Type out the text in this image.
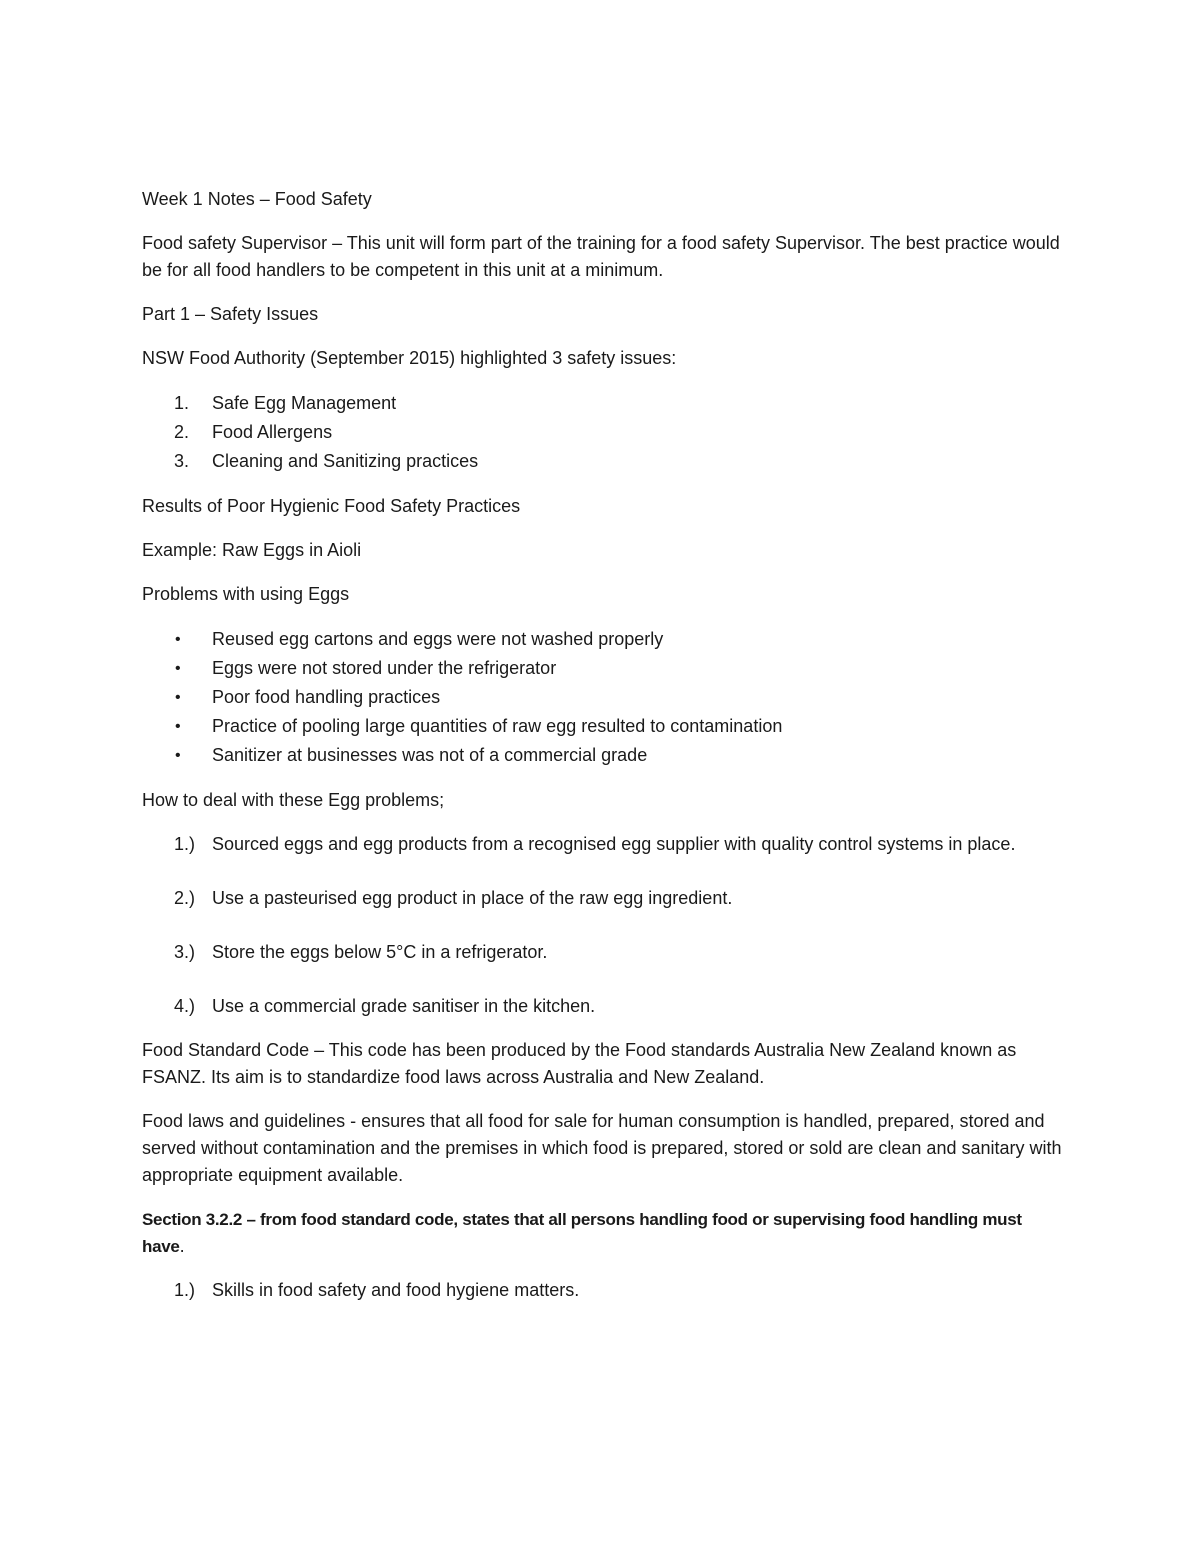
Week 1 Notes – Food Safety

Food safety Supervisor – This unit will form part of the training for a food safety Supervisor. The best practice would be for all food handlers to be competent in this unit at a minimum.

Part 1 – Safety Issues

NSW Food Authority (September 2015) highlighted 3 safety issues:

1. Safe Egg Management
2. Food Allergens
3. Cleaning and Sanitizing practices

Results of Poor Hygienic Food Safety Practices

Example: Raw Eggs in Aioli

Problems with using Eggs

• Reused egg cartons and eggs were not washed properly
• Eggs were not stored under the refrigerator
• Poor food handling practices
• Practice of pooling large quantities of raw egg resulted to contamination
• Sanitizer at businesses was not of a commercial grade

How to deal with these Egg problems;

1.) Sourced eggs and egg products from a recognised egg supplier with quality control systems in place.
2.) Use a pasteurised egg product in place of the raw egg ingredient.
3.) Store the eggs below 5°C in a refrigerator.
4.) Use a commercial grade sanitiser in the kitchen.

Food Standard Code – This code has been produced by the Food standards Australia New Zealand known as FSANZ. Its aim is to standardize food laws across Australia and New Zealand.

Food laws and guidelines - ensures that all food for sale for human consumption is handled, prepared, stored and served without contamination and the premises in which food is prepared, stored or sold are clean and sanitary with appropriate equipment available.

Section 3.2.2 – from food standard code, states that all persons handling food or supervising food handling must have.

1.) Skills in food safety and food hygiene matters.
